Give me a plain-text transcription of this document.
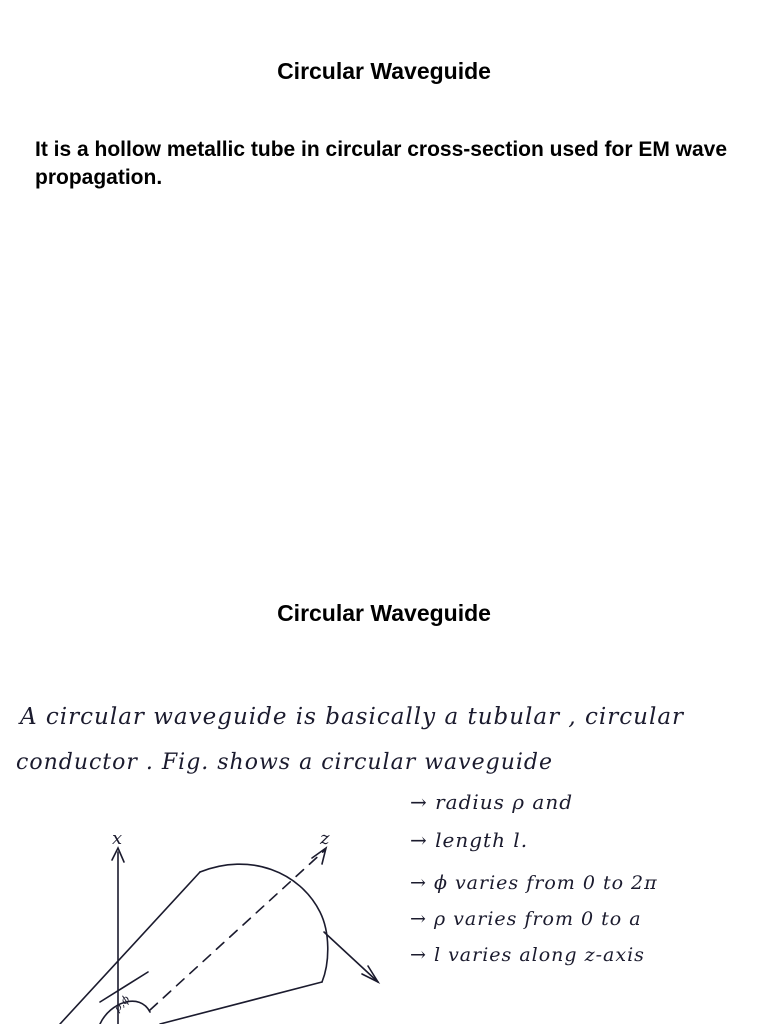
Circular Waveguide
It is a hollow metallic tube in circular cross-section used for EM wave propagation.
Circular Waveguide
A circular waveguide is basically a tubular , circular
conductor . Fig. shows a circular waveguide
→ radius ρ and
→ length l.
→ ϕ varies from 0 to 2π
→ ρ varies from 0 to a
→ l varies along z-axis
x	z
ρ,ϕ
